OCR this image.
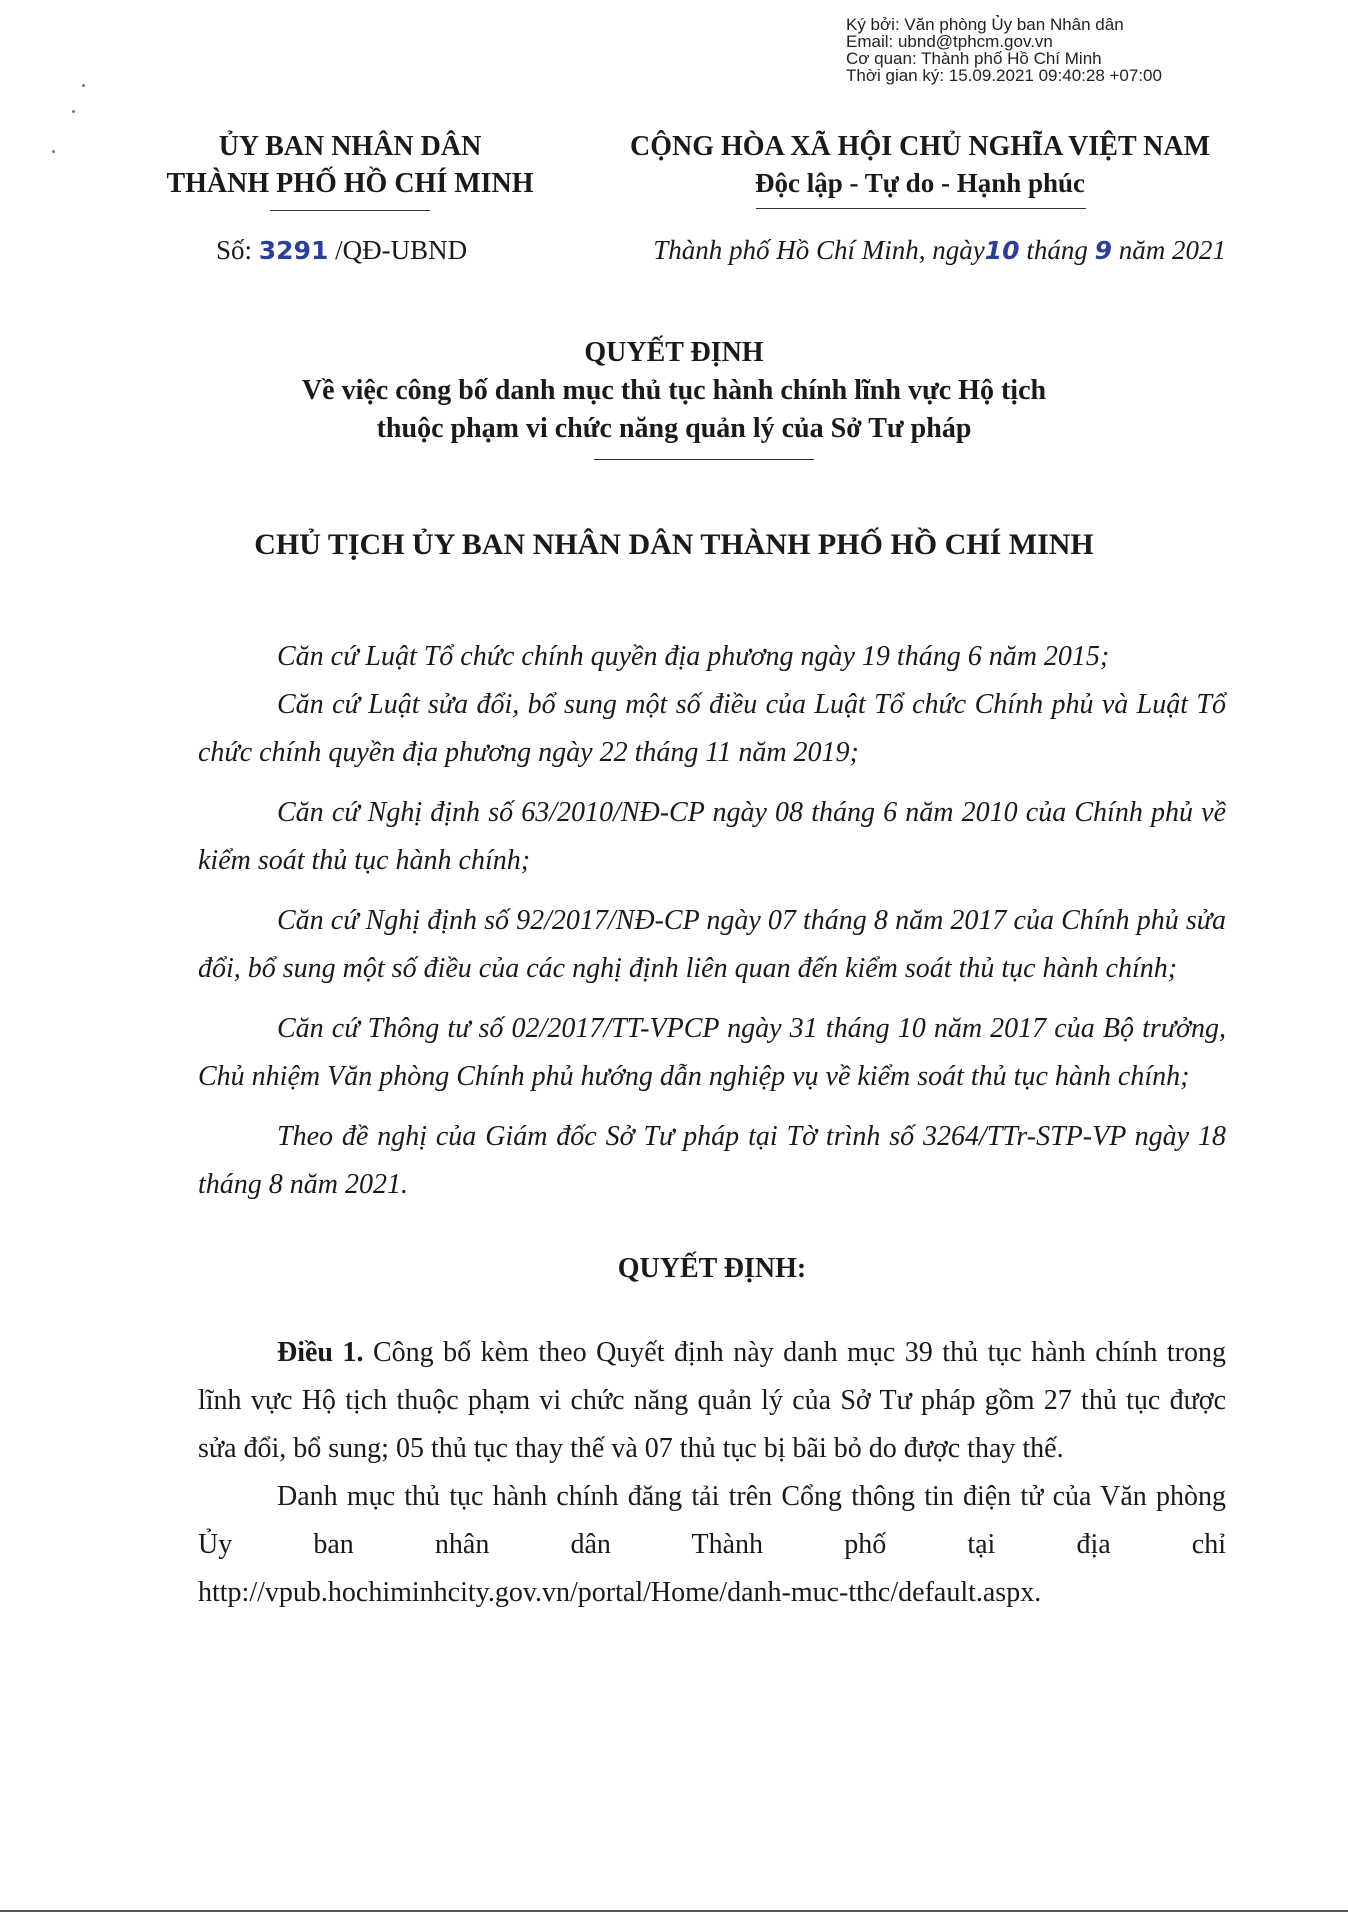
Ký bởi: Văn phòng Ủy ban Nhân dân
Email: ubnd@tphcm.gov.vn
Cơ quan: Thành phố Hồ Chí Minh
Thời gian ký: 15.09.2021 09:40:28 +07:00
ỦY BAN NHÂN DÂN
THÀNH PHỐ HỒ CHÍ MINH
CỘNG HÒA XÃ HỘI CHỦ NGHĨA VIỆT NAM
Độc lập - Tự do - Hạnh phúc
Số: 3291 /QĐ-UBND	Thành phố Hồ Chí Minh, ngày10 tháng 9 năm 2021
QUYẾT ĐỊNH
Về việc công bố danh mục thủ tục hành chính lĩnh vực Hộ tịch
thuộc phạm vi chức năng quản lý của Sở Tư pháp
CHỦ TỊCH ỦY BAN NHÂN DÂN THÀNH PHỐ HỒ CHÍ MINH

Căn cứ Luật Tổ chức chính quyền địa phương ngày 19 tháng 6 năm 2015;

Căn cứ Luật sửa đổi, bổ sung một số điều của Luật Tổ chức Chính phủ và Luật Tổ chức chính quyền địa phương ngày 22 tháng 11 năm 2019;

Căn cứ Nghị định số 63/2010/NĐ-CP ngày 08 tháng 6 năm 2010 của Chính phủ về kiểm soát thủ tục hành chính;

Căn cứ Nghị định số 92/2017/NĐ-CP ngày 07 tháng 8 năm 2017 của Chính phủ sửa đổi, bổ sung một số điều của các nghị định liên quan đến kiểm soát thủ tục hành chính;

Căn cứ Thông tư số 02/2017/TT-VPCP ngày 31 tháng 10 năm 2017 của Bộ trưởng, Chủ nhiệm Văn phòng Chính phủ hướng dẫn nghiệp vụ về kiểm soát thủ tục hành chính;

Theo đề nghị của Giám đốc Sở Tư pháp tại Tờ trình số 3264/TTr-STP-VP ngày 18 tháng 8 năm 2021.

QUYẾT ĐỊNH:

Điều 1. Công bố kèm theo Quyết định này danh mục 39 thủ tục hành chính trong lĩnh vực Hộ tịch thuộc phạm vi chức năng quản lý của Sở Tư pháp gồm 27 thủ tục được sửa đổi, bổ sung; 05 thủ tục thay thế và 07 thủ tục bị bãi bỏ do được thay thế.

Danh mục thủ tục hành chính đăng tải trên Cổng thông tin điện tử của Văn phòng Ủy ban nhân dân Thành phố tại địa chỉ http://vpub.hochiminhcity.gov.vn/portal/Home/danh-muc-tthc/default.aspx.
